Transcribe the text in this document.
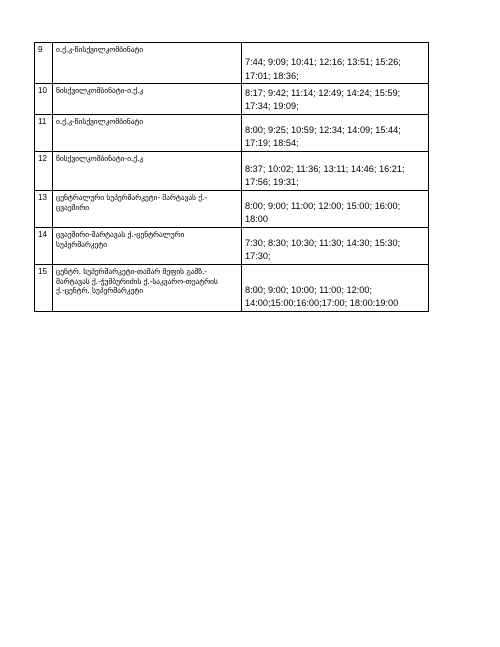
9	ი.ქ.კ-წისქვილკომბინატი	7:44; 9:09; 10:41; 12:16; 13:51; 15:26;
17:01; 18:36;

10	წისქვილკომბინატი-ი.ქ.კ	8:17; 9:42; 11:14; 12:49; 14:24; 15:59;
17:34; 19:09;

11	ი.ქ.კ-წისქვილკომბინატი	8:00; 9:25; 10:59; 12:34; 14:09; 15:44;
17:19; 18:54;

12	წისქვილკომბინატი-ი.ქ.კ	8:37; 10:02; 11:36; 13:11; 14:46; 16:21;
17:56; 19:31;

13	ცენტრალური სუპერმარკეტი- შარტავას ქ.-
ცვაეშირი	8:00; 9:00; 11:00; 12:00; 15:00; 16:00;
18:00

14	ცვაეშირი-შარტავას ქ.-ცენტრალური
სუპერმარკეტი	7:30; 8:30; 10:30; 11:30; 14:30; 15:30;
17:30;

15	ცენტრ. სუპერმარკეტი-თამარ მეფის გამზ.-
შარტავას ქ.-ჭუმბურიძის ქ.-საკვარო-თეატრის
ქ.-ცენტრ. სუპერმარკეტი	8:00; 9:00; 10:00; 11:00; 12:00;
14:00;15:00;16:00;17:00; 18:00:19:00
